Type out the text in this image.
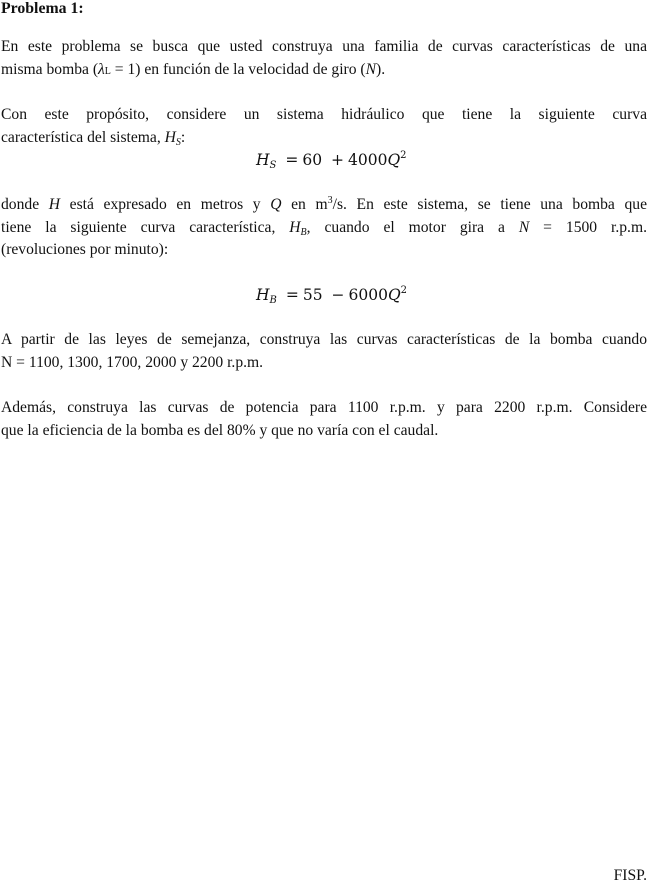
Problema 1:
En este problema se busca que usted construya una familia de curvas características de una
misma bomba (λL = 1) en función de la velocidad de giro (N).
Con este propósito, considere un sistema hidráulico que tiene la siguiente curva
característica del sistema, $H_S$:
$H_S = 60 + 4000Q^2$
donde H está expresado en metros y Q en $m^3/s$. En este sistema, se tiene una bomba que
tiene la siguiente curva característica, $H_B$, cuando el motor gira a N = 1500 r.p.m.
(revoluciones por minuto):
$H_B = 55 - 6000Q^2$
A partir de las leyes de semejanza, construya las curvas características de la bomba cuando
N = 1100, 1300, 1700, 2000 y 2200 r.p.m.
Además, construya las curvas de potencia para 1100 r.p.m. y para 2200 r.p.m. Considere
que la eficiencia de la bomba es del 80% y que no varía con el caudal.
FISP.
